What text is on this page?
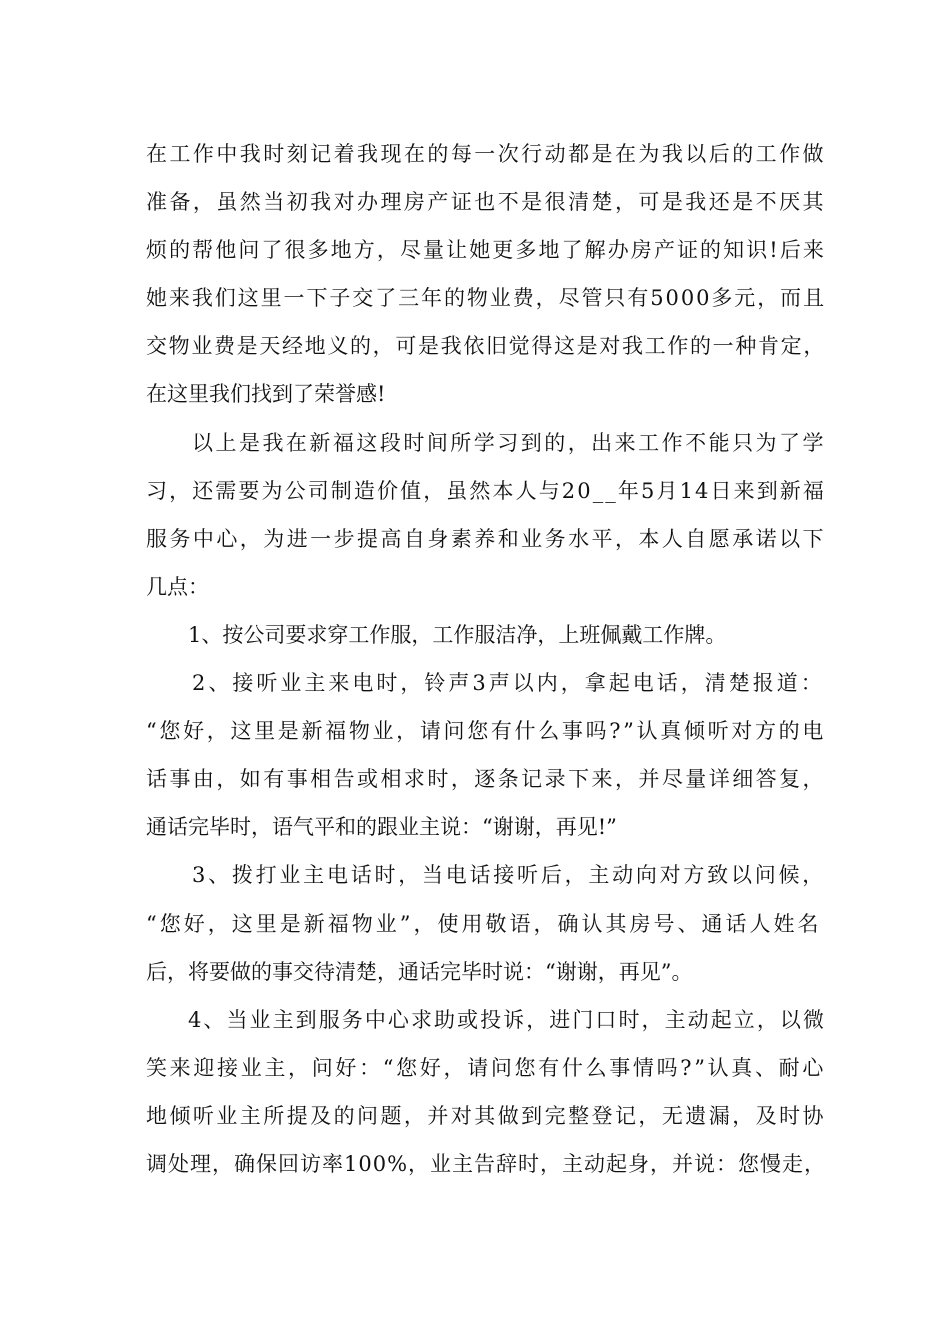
在工作中我时刻记着我现在的每一次行动都是在为我以后的工作做
准备，虽然当初我对办理房产证也不是很清楚，可是我还是不厌其
烦的帮他问了很多地方，尽量让她更多地了解办房产证的知识!后来
她来我们这里一下子交了三年的物业费，尽管只有5000多元，而且
交物业费是天经地义的，可是我依旧觉得这是对我工作的一种肯定，
在这里我们找到了荣誉感!
以上是我在新福这段时间所学习到的，出来工作不能只为了学
习，还需要为公司制造价值，虽然本人与20__年5月14日来到新福
服务中心，为进一步提高自身素养和业务水平，本人自愿承诺以下
几点：
1、按公司要求穿工作服，工作服洁净，上班佩戴工作牌。
2、接听业主来电时，铃声3声以内，拿起电话，清楚报道：
“您好，这里是新福物业，请问您有什么事吗?”认真倾听对方的电
话事由，如有事相告或相求时，逐条记录下来，并尽量详细答复，
通话完毕时，语气平和的跟业主说：“谢谢，再见!”
3、拨打业主电话时，当电话接听后，主动向对方致以问候，
“您好，这里是新福物业”，使用敬语，确认其房号、通话人姓名
后，将要做的事交待清楚，通话完毕时说：“谢谢，再见”。
4、当业主到服务中心求助或投诉，进门口时，主动起立，以微
笑来迎接业主，问好：“您好，请问您有什么事情吗?”认真、耐心
地倾听业主所提及的问题，并对其做到完整登记，无遗漏，及时协
调处理，确保回访率100%，业主告辞时，主动起身，并说：您慢走，
